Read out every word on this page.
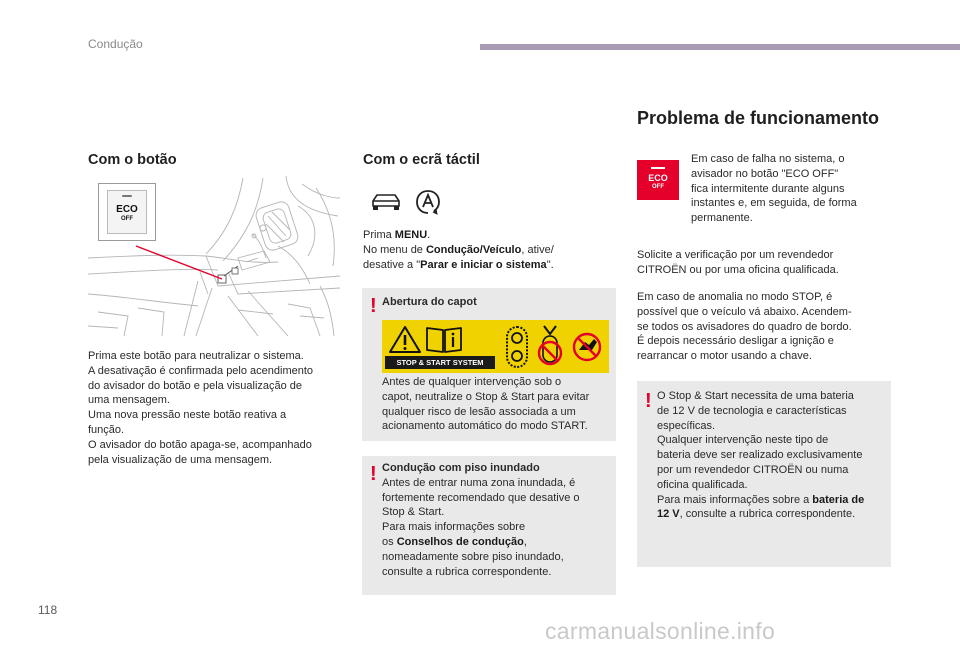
Condução
Com o botão
ECO
OFF
Prima este botão para neutralizar o sistema.
A desativação é confirmada pelo acendimento
do avisador do botão e pela visualização de
uma mensagem.
Uma nova pressão neste botão reativa a
função.
O avisador do botão apaga-se, acompanhado
pela visualização de uma mensagem.
Com o ecrã táctil
Prima MENU.
No menu de Condução/Veículo, ative/
desative a "Parar e iniciar o sistema".
! Abertura do capot
Antes de qualquer intervenção sob o
capot, neutralize o Stop & Start para evitar
qualquer risco de lesão associada a um
acionamento automático do modo START.
STOP & START SYSTEM
! Condução com piso inundado
Antes de entrar numa zona inundada, é
fortemente recomendado que desative o
Stop & Start.
Para mais informações sobre
os Conselhos de condução,
nomeadamente sobre piso inundado,
consulte a rubrica correspondente.
Problema de funcionamento
ECO
OFF
Em caso de falha no sistema, o
avisador no botão "ECO OFF"
fica intermitente durante alguns
instantes e, em seguida, de forma
permanente.
Solicite a verificação por um revendedor
CITROËN ou por uma oficina qualificada.
Em caso de anomalia no modo STOP, é
possível que o veículo vá abaixo. Acendem-
se todos os avisadores do quadro de bordo.
É depois necessário desligar a ignição e
rearrancar o motor usando a chave.
! O Stop & Start necessita de uma bateria
de 12 V de tecnologia e características
específicas.
Qualquer intervenção neste tipo de
bateria deve ser realizado exclusivamente
por um revendedor CITROËN ou numa
oficina qualificada.
Para mais informações sobre a bateria de
12 V, consulte a rubrica correspondente.
118
carmanualsonline.info
